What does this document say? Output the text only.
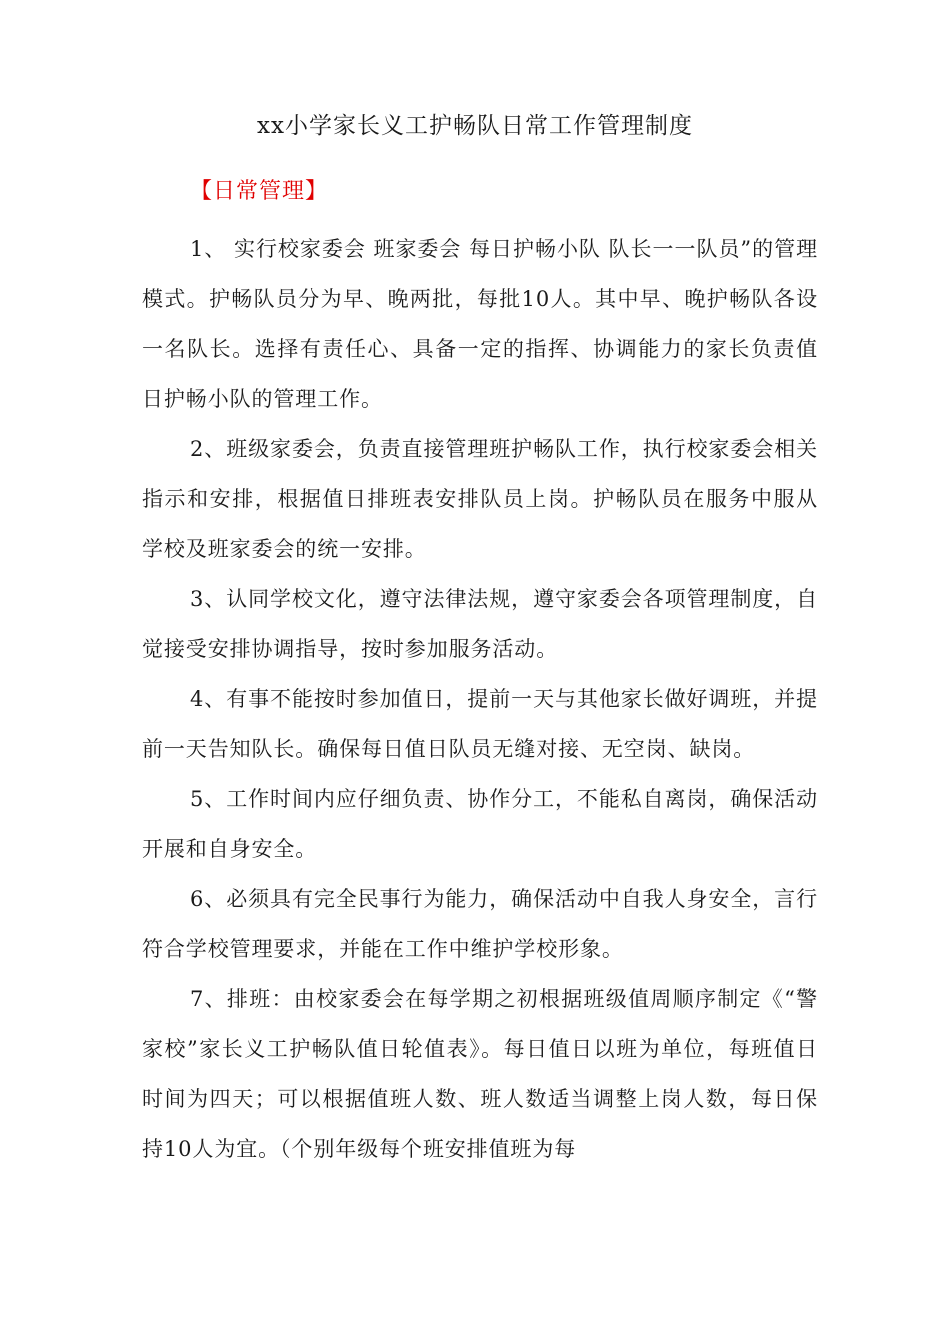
xx小学家长义工护畅队日常工作管理制度
【日常管理】

1、 实行校家委会 班家委会 每日护畅小队 队长一一队员”的管理模式。护畅队员分为早、晚两批，每批10人。其中早、晚护畅队各设一名队长。选择有责任心、具备一定的指挥、协调能力的家长负责值日护畅小队的管理工作。

2、班级家委会，负责直接管理班护畅队工作，执行校家委会相关指示和安排，根据值日排班表安排队员上岗。护畅队员在服务中服从学校及班家委会的统一安排。

3、认同学校文化，遵守法律法规，遵守家委会各项管理制度，自觉接受安排协调指导，按时参加服务活动。

4、有事不能按时参加值日，提前一天与其他家长做好调班，并提前一天告知队长。确保每日值日队员无缝对接、无空岗、缺岗。

5、工作时间内应仔细负责、协作分工，不能私自离岗，确保活动开展和自身安全。

6、必须具有完全民事行为能力，确保活动中自我人身安全，言行符合学校管理要求，并能在工作中维护学校形象。

7、排班：由校家委会在每学期之初根据班级值周顺序制定《“警家校”家长义工护畅队值日轮值表》。每日值日以班为单位，每班值日时间为四天；可以根据值班人数、班人数适当调整上岗人数，每日保持10人为宜。（个别年级每个班安排值班为每
